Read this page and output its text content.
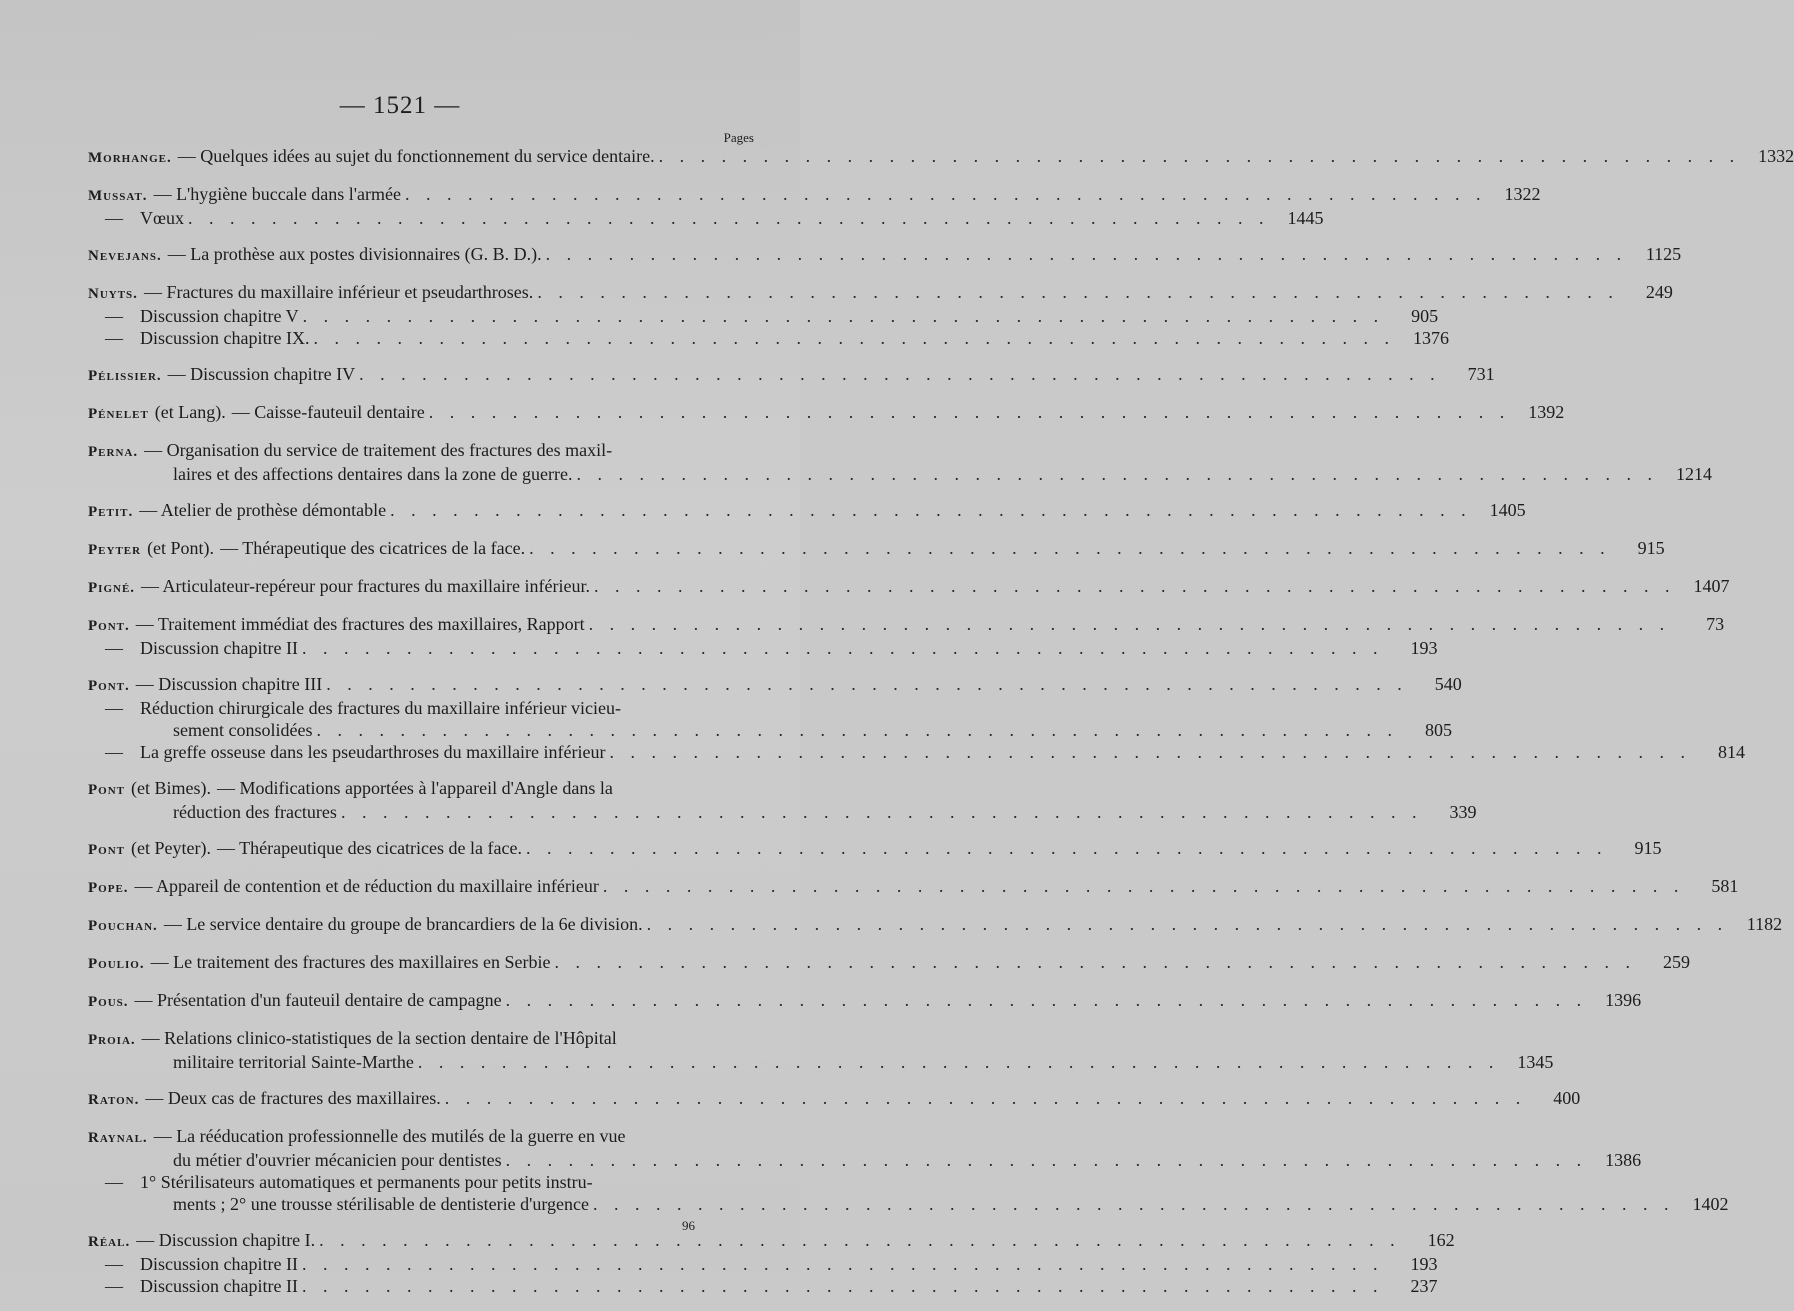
— 1521 —
Pages
Morhange. — Quelques idées au sujet du fonctionnement du service dentaire. . . . . . . . . . . . . . . . . . . . . . . . . . . . . . . . . . . . . . . . . . . . . . . . . . . . .	1332
Mussat. — L'hygiène buccale dans l'armée . . . . . . . . . . . . . . . . . . . . . . . . . . . . . . . . . . . . . . . . . . . . . . . . . . . .	1322
— Vœux . . . . . . . . . . . . . . . . . . . . . . . . . . . . . . . . . . . . . . . . . . . . . . . . . . . .	1445
Nevejans. — La prothèse aux postes divisionnaires (G. B. D.). . . . . . . . . . . . . . . . . . . . . . . . . . . . . . . . . . . . . . . . . . . . . . . . . . . . .	1125
Nuyts. — Fractures du maxillaire inférieur et pseudarthroses. . . . . . . . . . . . . . . . . . . . . . . . . . . . . . . . . . . . . . . . . . . . . . . . . . . . .	249
— Discussion chapitre V . . . . . . . . . . . . . . . . . . . . . . . . . . . . . . . . . . . . . . . . . . . . . . . . . . . .	905
— Discussion chapitre IX. . . . . . . . . . . . . . . . . . . . . . . . . . . . . . . . . . . . . . . . . . . . . . . . . . . . .	1376
Pélissier. — Discussion chapitre IV . . . . . . . . . . . . . . . . . . . . . . . . . . . . . . . . . . . . . . . . . . . . . . . . . . . .	731
Pénelet (et Lang). — Caisse-fauteuil dentaire . . . . . . . . . . . . . . . . . . . . . . . . . . . . . . . . . . . . . . . . . . . . . . . . . . . .	1392
Perna. — Organisation du service de traitement des fractures des maxil-
laires et des affections dentaires dans la zone de guerre. . . . . . . . . . . . . . . . . . . . . . . . . . . . . . . . . . . . . . . . . . . . . . . . . . . . .	1214
Petit. — Atelier de prothèse démontable . . . . . . . . . . . . . . . . . . . . . . . . . . . . . . . . . . . . . . . . . . . . . . . . . . . .	1405
Peyter (et Pont). — Thérapeutique des cicatrices de la face. . . . . . . . . . . . . . . . . . . . . . . . . . . . . . . . . . . . . . . . . . . . . . . . . . . . .	915
Pigné. — Articulateur-repéreur pour fractures du maxillaire inférieur. . . . . . . . . . . . . . . . . . . . . . . . . . . . . . . . . . . . . . . . . . . . . . . . . . . . .	1407
Pont. — Traitement immédiat des fractures des maxillaires, Rapport . . . . . . . . . . . . . . . . . . . . . . . . . . . . . . . . . . . . . . . . . . . . . . . . . . . .	73
— Discussion chapitre II . . . . . . . . . . . . . . . . . . . . . . . . . . . . . . . . . . . . . . . . . . . . . . . . . . . .	193
Pont. — Discussion chapitre III . . . . . . . . . . . . . . . . . . . . . . . . . . . . . . . . . . . . . . . . . . . . . . . . . . . .	540
— Réduction chirurgicale des fractures du maxillaire inférieur vicieu-
sement consolidées . . . . . . . . . . . . . . . . . . . . . . . . . . . . . . . . . . . . . . . . . . . . . . . . . . . .	805
— La greffe osseuse dans les pseudarthroses du maxillaire inférieur . . . . . . . . . . . . . . . . . . . . . . . . . . . . . . . . . . . . . . . . . . . . . . . . . . . .	814
Pont (et Bimes). — Modifications apportées à l'appareil d'Angle dans la
réduction des fractures . . . . . . . . . . . . . . . . . . . . . . . . . . . . . . . . . . . . . . . . . . . . . . . . . . . .	339
Pont (et Peyter). — Thérapeutique des cicatrices de la face. . . . . . . . . . . . . . . . . . . . . . . . . . . . . . . . . . . . . . . . . . . . . . . . . . . . .	915
Pope. — Appareil de contention et de réduction du maxillaire inférieur . . . . . . . . . . . . . . . . . . . . . . . . . . . . . . . . . . . . . . . . . . . . . . . . . . . .	581
Pouchan. — Le service dentaire du groupe de brancardiers de la 6e division. . . . . . . . . . . . . . . . . . . . . . . . . . . . . . . . . . . . . . . . . . . . . . . . . . . . .	1182
Poulio. — Le traitement des fractures des maxillaires en Serbie . . . . . . . . . . . . . . . . . . . . . . . . . . . . . . . . . . . . . . . . . . . . . . . . . . . .	259
Pous. — Présentation d'un fauteuil dentaire de campagne . . . . . . . . . . . . . . . . . . . . . . . . . . . . . . . . . . . . . . . . . . . . . . . . . . . .	1396
Proia. — Relations clinico-statistiques de la section dentaire de l'Hôpital
militaire territorial Sainte-Marthe . . . . . . . . . . . . . . . . . . . . . . . . . . . . . . . . . . . . . . . . . . . . . . . . . . . .	1345
Raton. — Deux cas de fractures des maxillaires. . . . . . . . . . . . . . . . . . . . . . . . . . . . . . . . . . . . . . . . . . . . . . . . . . . . .	400
Raynal. — La rééducation professionnelle des mutilés de la guerre en vue
du métier d'ouvrier mécanicien pour dentistes . . . . . . . . . . . . . . . . . . . . . . . . . . . . . . . . . . . . . . . . . . . . . . . . . . . .	1386
— 1° Stérilisateurs automatiques et permanents pour petits instru-
ments ; 2° une trousse stérilisable de dentisterie d'urgence . . . . . . . . . . . . . . . . . . . . . . . . . . . . . . . . . . . . . . . . . . . . . . . . . . . .	1402
Réal. — Discussion chapitre I. . . . . . . . . . . . . . . . . . . . . . . . . . . . . . . . . . . . . . . . . . . . . . . . . . . . .	162
— Discussion chapitre II . . . . . . . . . . . . . . . . . . . . . . . . . . . . . . . . . . . . . . . . . . . . . . . . . . . .	193
— Discussion chapitre II . . . . . . . . . . . . . . . . . . . . . . . . . . . . . . . . . . . . . . . . . . . . . . . . . . . .	237
96
